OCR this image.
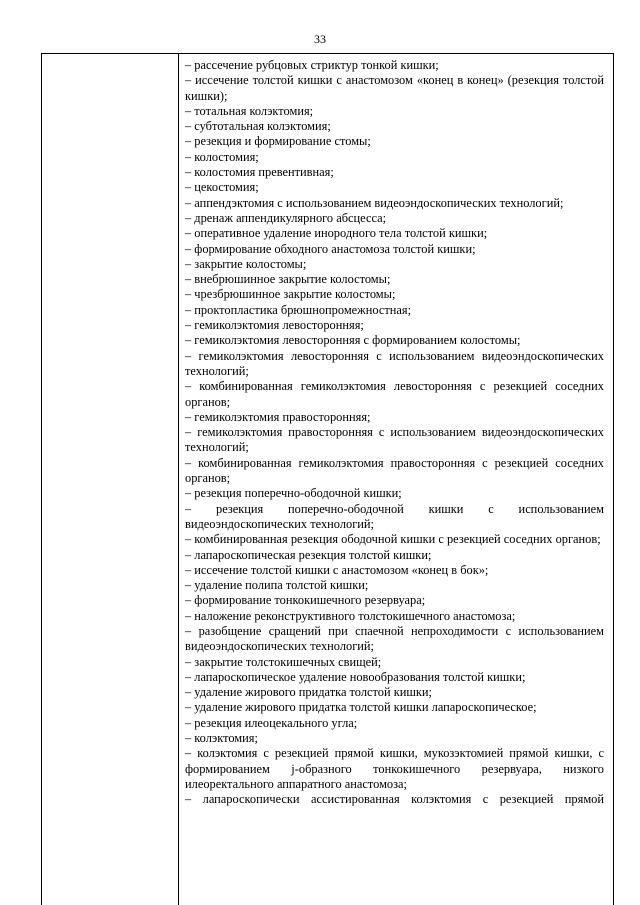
33
– рассечение рубцовых стриктур тонкой кишки;
– иссечение толстой кишки с анастомозом «конец в конец» (резекция толстой кишки);
– тотальная колэктомия;
– субтотальная колэктомия;
– резекция и формирование стомы;
– колостомия;
– колостомия превентивная;
– цекостомия;
– аппендэктомия с использованием видеоэндоскопических технологий;
– дренаж аппендикулярного абсцесса;
– оперативное удаление инородного тела толстой кишки;
– формирование обходного анастомоза толстой кишки;
– закрытие колостомы;
– внебрюшинное закрытие колостомы;
– чрезбрюшинное закрытие колостомы;
– проктопластика брюшнопромежностная;
– гемиколэктомия левосторонняя;
– гемиколэктомия левосторонняя с формированием колостомы;
– гемиколэктомия левосторонняя с использованием видеоэндоскопических технологий;
– комбинированная гемиколэктомия левосторонняя с резекцией соседних органов;
– гемиколэктомия правосторонняя;
– гемиколэктомия правосторонняя с использованием видеоэндоскопических технологий;
– комбинированная гемиколэктомия правосторонняя с резекцией соседних органов;
– резекция поперечно-ободочной кишки;
– резекция поперечно-ободочной кишки с использованием видеоэндоскопических технологий;
– комбинированная резекция ободочной кишки с резекцией соседних органов;
– лапароскопическая резекция толстой кишки;
– иссечение толстой кишки с анастомозом «конец в бок»;
– удаление полипа толстой кишки;
– формирование тонкокишечного резервуара;
– наложение реконструктивного толстокишечного анастомоза;
– разобщение сращений при спаечной непроходимости с использованием видеоэндоскопических технологий;
– закрытие толстокишечных свищей;
– лапароскопическое удаление новообразования толстой кишки;
– удаление жирового придатка толстой кишки;
– удаление жирового придатка толстой кишки лапароскопическое;
– резекция илеоцекального угла;
– колэктомия;
– колэктомия с резекцией прямой кишки, мукозэктомией прямой кишки, с формированием j-образного тонкокишечного резервуара, низкого илеоректального аппаратного анастомоза;
– лапароскопически ассистированная колэктомия с резекцией прямой
